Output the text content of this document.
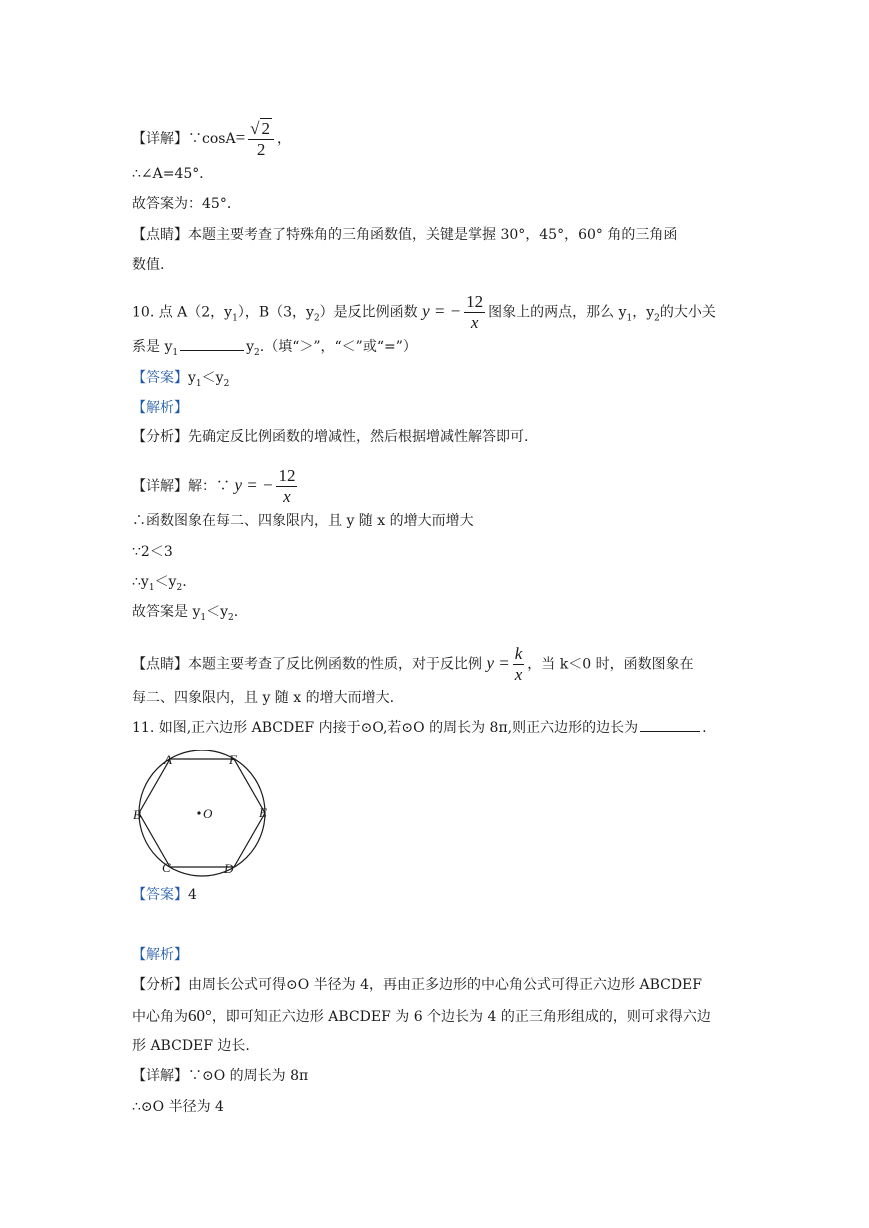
【详解】∵cosA= $\frac{√ 2}{2}$ ，
∴∠A=45°．
故答案为：45°．
【点睛】本题主要考查了特殊角的三角函数值，关键是掌握 30°，45°，60° 角的三角函
数值.
10. 点 A（2，$y_1$），B（3，$y_2$）是反比例函数 y = − $\frac{12}{x}$ 图象上的两点，那么 $y_1$，$y_2$的大小关
系是 $y_1$	$y_2$.（填“＞”，“＜”或“=”）
【答案】$y_1<y_2$
【解析】
【分析】先确定反比例函数的增减性，然后根据增减性解答即可.
【详解】解：∵ y = − $\frac{12}{x}$
∴函数图象在每二、四象限内，且 y 随 x 的增大而增大
∵2＜3
$\therefore y_1<y_2$.
故答案是 $y_1<y_2$.
【点睛】本题主要考查了反比例函数的性质，对于反比例 $y = \frac{k}{x}$ ，当 k＜0 时，函数图象在
每二、四象限内，且 y 随 x 的增大而增大.
11. 如图,正六边形 ABCDEF 内接于⊙O,若⊙O 的周长为 8π,则正六边形的边长为	.
A	F
B	E
C	D
O
【答案】4
【解析】
【分析】由周长公式可得⊙O 半径为 4，再由正多边形的中心角公式可得正六边形 ABCDEF
中心角为60°，即可知正六边形 ABCDEF 为 6 个边长为 4 的正三角形组成的，则可求得六边
形 ABCDEF 边长.
【详解】∵⊙O 的周长为 8π
∴⊙O 半径为 4
